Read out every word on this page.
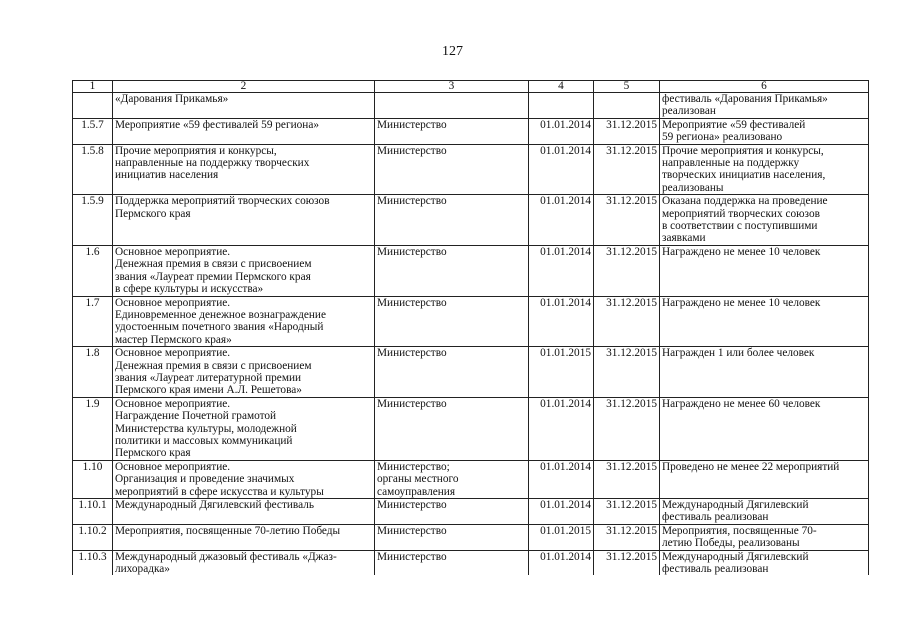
127
1	2	3	4	5	6
	«Дарования Прикамья»				фестиваль «Дарования Прикамья»
реализован
1.5.7	Мероприятие «59 фестивалей 59 региона»	Министерство	01.01.2014	31.12.2015	Мероприятие «59 фестивалей
59 региона» реализовано
1.5.8	Прочие мероприятия и конкурсы,
направленные на поддержку творческих
инициатив населения	Министерство	01.01.2014	31.12.2015	Прочие мероприятия и конкурсы,
направленные на поддержку
творческих инициатив населения,
реализованы
1.5.9	Поддержка мероприятий творческих союзов
Пермского края	Министерство	01.01.2014	31.12.2015	Оказана поддержка на проведение
мероприятий творческих союзов
в соответствии с поступившими
заявками
1.6	Основное мероприятие.
Денежная премия в связи с присвоением
звания «Лауреат премии Пермского края
в сфере культуры и искусства»	Министерство	01.01.2014	31.12.2015	Награждено не менее 10 человек
1.7	Основное мероприятие.
Единовременное денежное вознаграждение
удостоенным почетного звания «Народный
мастер Пермского края»	Министерство	01.01.2014	31.12.2015	Награждено не менее 10 человек
1.8	Основное мероприятие.
Денежная премия в связи с присвоением
звания «Лауреат литературной премии
Пермского края имени А.Л. Решетова»	Министерство	01.01.2015	31.12.2015	Награжден 1 или более человек
1.9	Основное мероприятие.
Награждение Почетной грамотой
Министерства культуры, молодежной
политики и массовых коммуникаций
Пермского края	Министерство	01.01.2014	31.12.2015	Награждено не менее 60 человек
1.10	Основное мероприятие.
Организация и проведение значимых
мероприятий в сфере искусства и культуры	Министерство;
органы местного
самоуправления	01.01.2014	31.12.2015	Проведено не менее 22 мероприятий
1.10.1	Международный Дягилевский фестиваль	Министерство	01.01.2014	31.12.2015	Международный Дягилевский
фестиваль реализован
1.10.2	Мероприятия, посвященные 70-летию Победы	Министерство	01.01.2015	31.12.2015	Мероприятия, посвященные 70-
летию Победы, реализованы
1.10.3	Международный джазовый фестиваль «Джаз-
лихорадка»	Министерство	01.01.2014	31.12.2015	Международный Дягилевский
фестиваль реализован
